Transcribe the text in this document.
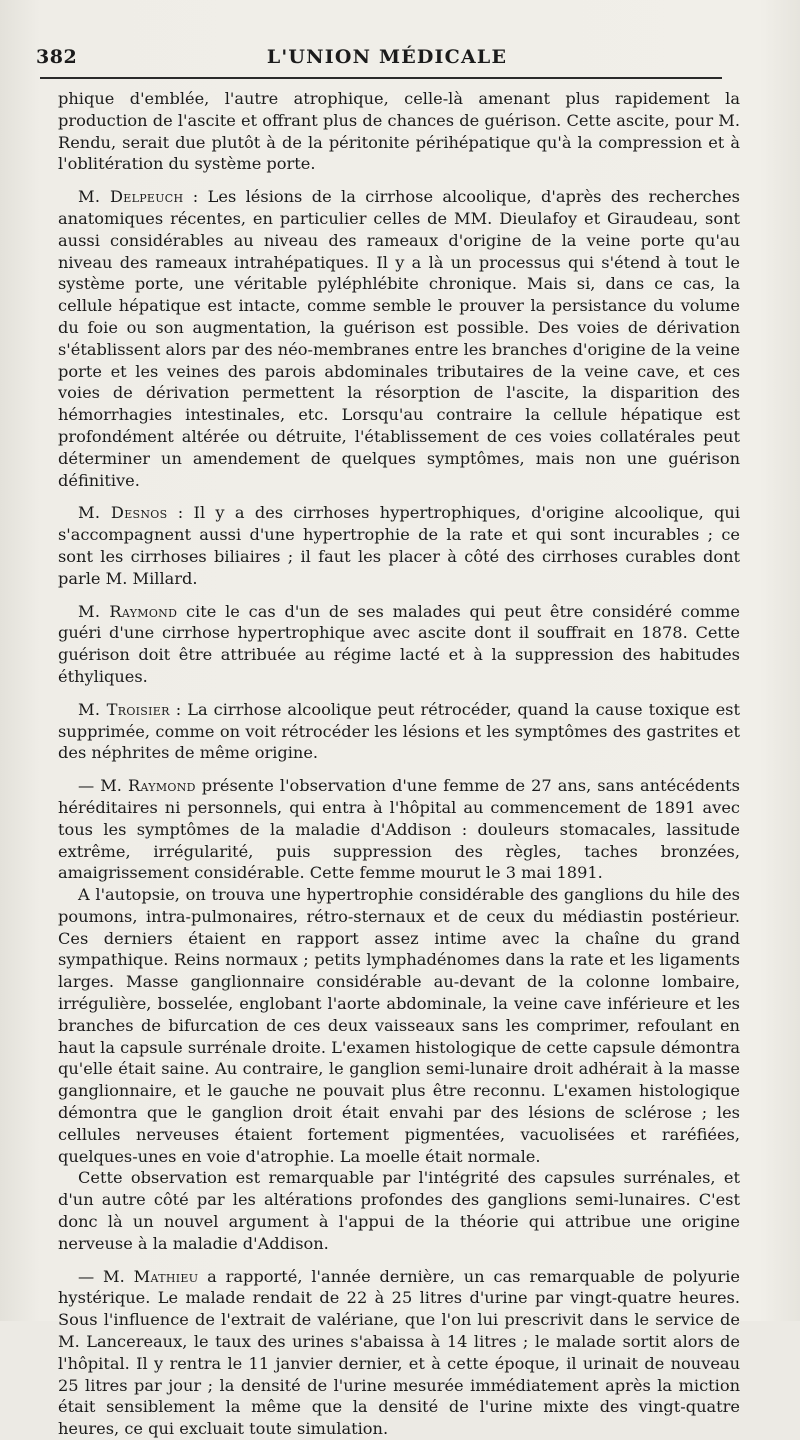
382	L'UNION MÉDICALE

phique d'emblée, l'autre atrophique, celle-là amenant plus rapidement la production de l'ascite et offrant plus de chances de guérison. Cette ascite, pour M. Rendu, serait due plutôt à de la péritonite périhépatique qu'à la compression et à l'oblitération du système porte.

M. Delpeuch : Les lésions de la cirrhose alcoolique, d'après des recherches anatomiques récentes, en particulier celles de MM. Dieulafoy et Giraudeau, sont aussi considérables au niveau des rameaux d'origine de la veine porte qu'au niveau des rameaux intrahépatiques. Il y a là un processus qui s'étend à tout le système porte, une véritable pyléphlébite chronique. Mais si, dans ce cas, la cellule hépatique est intacte, comme semble le prouver la persistance du volume du foie ou son augmentation, la guérison est possible. Des voies de dérivation s'établissent alors par des néo-membranes entre les branches d'origine de la veine porte et les veines des parois abdominales tributaires de la veine cave, et ces voies de dérivation permettent la résorption de l'ascite, la disparition des hémorrhagies intestinales, etc. Lorsqu'au contraire la cellule hépatique est profondément altérée ou détruite, l'établissement de ces voies collatérales peut déterminer un amendement de quelques symptômes, mais non une guérison définitive.

M. Desnos : Il y a des cirrhoses hypertrophiques, d'origine alcoolique, qui s'accompagnent aussi d'une hypertrophie de la rate et qui sont incurables ; ce sont les cirrhoses biliaires ; il faut les placer à côté des cirrhoses curables dont parle M. Millard.

M. Raymond cite le cas d'un de ses malades qui peut être considéré comme guéri d'une cirrhose hypertrophique avec ascite dont il souffrait en 1878. Cette guérison doit être attribuée au régime lacté et à la suppression des habitudes éthyliques.

M. Troisier : La cirrhose alcoolique peut rétrocéder, quand la cause toxique est supprimée, comme on voit rétrocéder les lésions et les symptômes des gastrites et des néphrites de même origine.

— M. Raymond présente l'observation d'une femme de 27 ans, sans antécédents héréditaires ni personnels, qui entra à l'hôpital au commencement de 1891 avec tous les symptômes de la maladie d'Addison : douleurs stomacales, lassitude extrême, irrégularité, puis suppression des règles, taches bronzées, amaigrissement considérable. Cette femme mourut le 3 mai 1891.

A l'autopsie, on trouva une hypertrophie considérable des ganglions du hile des poumons, intra-pulmonaires, rétro-sternaux et de ceux du médiastin postérieur. Ces derniers étaient en rapport assez intime avec la chaîne du grand sympathique. Reins normaux ; petits lymphadénomes dans la rate et les ligaments larges. Masse ganglionnaire considérable au-devant de la colonne lombaire, irrégulière, bosselée, englobant l'aorte abdominale, la veine cave inférieure et les branches de bifurcation de ces deux vaisseaux sans les comprimer, refoulant en haut la capsule surrénale droite. L'examen histologique de cette capsule démontra qu'elle était saine. Au contraire, le ganglion semi-lunaire droit adhérait à la masse ganglionnaire, et le gauche ne pouvait plus être reconnu. L'examen histologique démontra que le ganglion droit était envahi par des lésions de sclérose ; les cellules nerveuses étaient fortement pigmentées, vacuolisées et raréfiées, quelques-unes en voie d'atrophie. La moelle était normale.

Cette observation est remarquable par l'intégrité des capsules surrénales, et d'un autre côté par les altérations profondes des ganglions semi-lunaires. C'est donc là un nouvel argument à l'appui de la théorie qui attribue une origine nerveuse à la maladie d'Addison.

— M. Mathieu a rapporté, l'année dernière, un cas remarquable de polyurie hystérique. Le malade rendait de 22 à 25 litres d'urine par vingt-quatre heures. Sous l'influence de l'extrait de valériane, que l'on lui prescrivit dans le service de M. Lancereaux, le taux des urines s'abaissa à 14 litres ; le malade sortit alors de l'hôpital. Il y rentra le 11 janvier dernier, et à cette époque, il urinait de nouveau 25 litres par jour ; la densité de l'urine mesurée immédiatement après la miction était sensiblement la même que la densité de l'urine mixte des vingt-quatre heures, ce qui excluait toute simulation.
